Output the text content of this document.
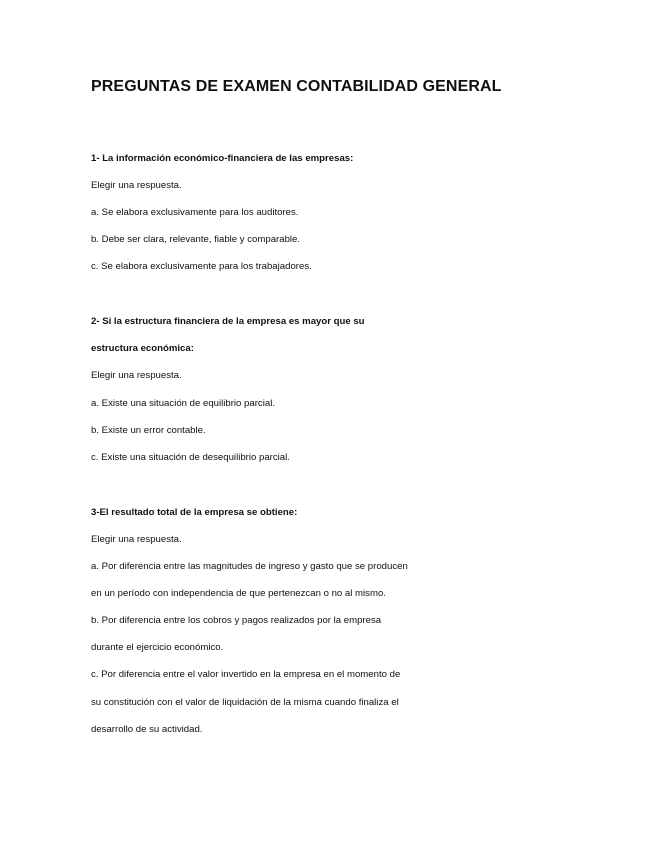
PREGUNTAS DE EXAMEN CONTABILIDAD GENERAL

1- La información económico-financiera de las empresas:

Elegir una respuesta.

a. Se elabora exclusivamente para los auditores.

b. Debe ser clara, relevante, fiable y comparable.

c. Se elabora exclusivamente para los trabajadores.

2- Si la estructura financiera de la empresa es mayor que su

estructura económica:

Elegir una respuesta.

a. Existe una situación de equilibrio parcial.

b. Existe un error contable.

c. Existe una situación de desequilibrio parcial.

3-El resultado total de la empresa se obtiene:

Elegir una respuesta.

a. Por diferencia entre las magnitudes de ingreso y gasto que se producen

en un período con independencia de que pertenezcan o no al mismo.

b. Por diferencia entre los cobros y pagos realizados por la empresa

durante el ejercicio económico.

c. Por diferencia entre el valor invertido en la empresa en el momento de

su constitución con el valor de liquidación de la misma cuando finaliza el

desarrollo de su actividad.
